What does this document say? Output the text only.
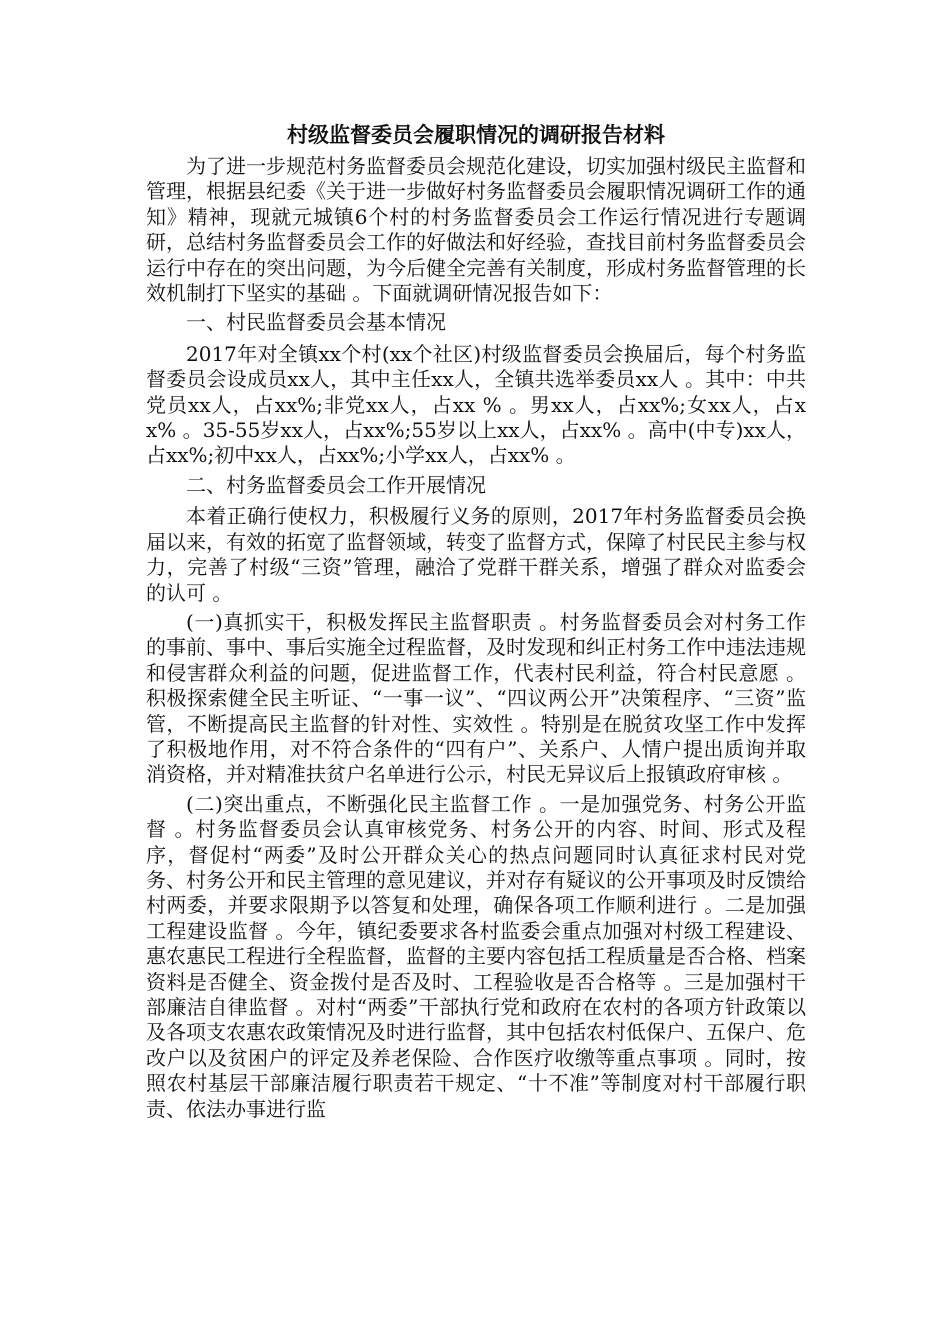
村级监督委员会履职情况的调研报告材料

为了进一步规范村务监督委员会规范化建设，切实加强村级民主监督和管理，根据县纪委《关于进一步做好村务监督委员会履职情况调研工作的通知》精神，现就元城镇6个村的村务监督委员会工作运行情况进行专题调研，总结村务监督委员会工作的好做法和好经验，查找目前村务监督委员会运行中存在的突出问题，为今后健全完善有关制度，形成村务监督管理的长效机制打下坚实的基础 。下面就调研情况报告如下：

一、村民监督委员会基本情况

2017年对全镇xx个村(xx个社区)村级监督委员会换届后，每个村务监督委员会设成员xx人，其中主任xx人，全镇共选举委员xx人 。其中：中共党员xx人，占xx%;非党xx人，占xx % 。男xx人，占xx%;女xx人，占xx% 。35-55岁xx人，占xx%;55岁以上xx人，占xx% 。高中(中专)xx人，占xx%;初中xx人，占xx%;小学xx人，占xx% 。

二、村务监督委员会工作开展情况

本着正确行使权力，积极履行义务的原则，2017年村务监督委员会换届以来，有效的拓宽了监督领域，转变了监督方式，保障了村民民主参与权力，完善了村级“三资”管理，融洽了党群干群关系，增强了群众对监委会的认可 。

(一)真抓实干，积极发挥民主监督职责 。村务监督委员会对村务工作的事前、事中、事后实施全过程监督，及时发现和纠正村务工作中违法违规和侵害群众利益的问题，促进监督工作，代表村民利益，符合村民意愿 。积极探索健全民主听证、“一事一议”、“四议两公开”决策程序、“三资”监管，不断提高民主监督的针对性、实效性 。特别是在脱贫攻坚工作中发挥了积极地作用，对不符合条件的“四有户”、关系户、人情户提出质询并取消资格，并对精准扶贫户名单进行公示，村民无异议后上报镇政府审核 。

(二)突出重点，不断强化民主监督工作 。一是加强党务、村务公开监督 。村务监督委员会认真审核党务、村务公开的内容、时间、形式及程序，督促村“两委”及时公开群众关心的热点问题同时认真征求村民对党务、村务公开和民主管理的意见建议，并对存有疑议的公开事项及时反馈给村两委，并要求限期予以答复和处理，确保各项工作顺利进行 。二是加强工程建设监督 。今年，镇纪委要求各村监委会重点加强对村级工程建设、惠农惠民工程进行全程监督，监督的主要内容包括工程质量是否合格、档案资料是否健全、资金拨付是否及时、工程验收是否合格等 。三是加强村干部廉洁自律监督 。对村“两委”干部执行党和政府在农村的各项方针政策以及各项支农惠农政策情况及时进行监督，其中包括农村低保户、五保户、危改户以及贫困户的评定及养老保险、合作医疗收缴等重点事项 。同时，按照农村基层干部廉洁履行职责若干规定、“十不准”等制度对村干部履行职责、依法办事进行监
